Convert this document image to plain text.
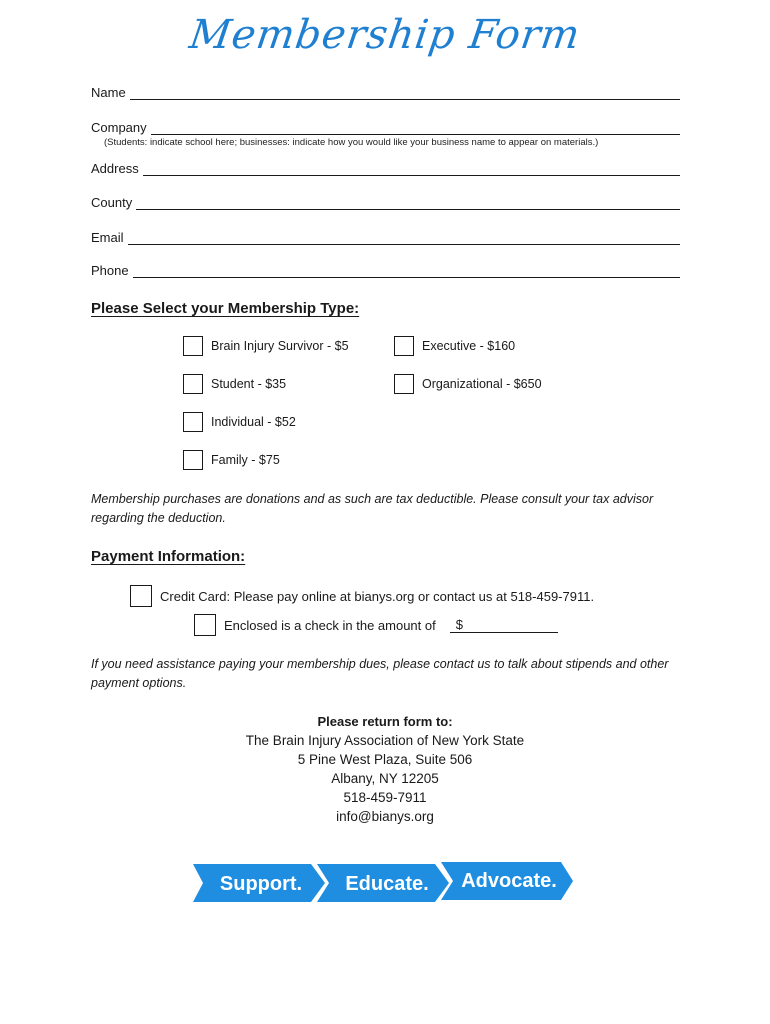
Membership Form
Name
Company
(Students: indicate school here; businesses: indicate how you would like your business name to appear on materials.)
Address
County
Email
Phone
Please Select your Membership Type:
Brain Injury Survivor - $5
Student - $35
Individual - $52
Family - $75
Executive - $160
Organizational - $650
Membership purchases are donations and as such are tax deductible. Please consult your tax advisor regarding the deduction.
Payment Information:
Credit Card: Please pay online at bianys.org or contact us at 518-459-7911.
Enclosed is a check in the amount of	$
If you need assistance paying your membership dues, please contact us to talk about stipends and other payment options.
Please return form to:
The Brain Injury Association of New York State
5 Pine West Plaza, Suite 506
Albany, NY 12205
518-459-7911
info@bianys.org
Support. Educate. Advocate.
